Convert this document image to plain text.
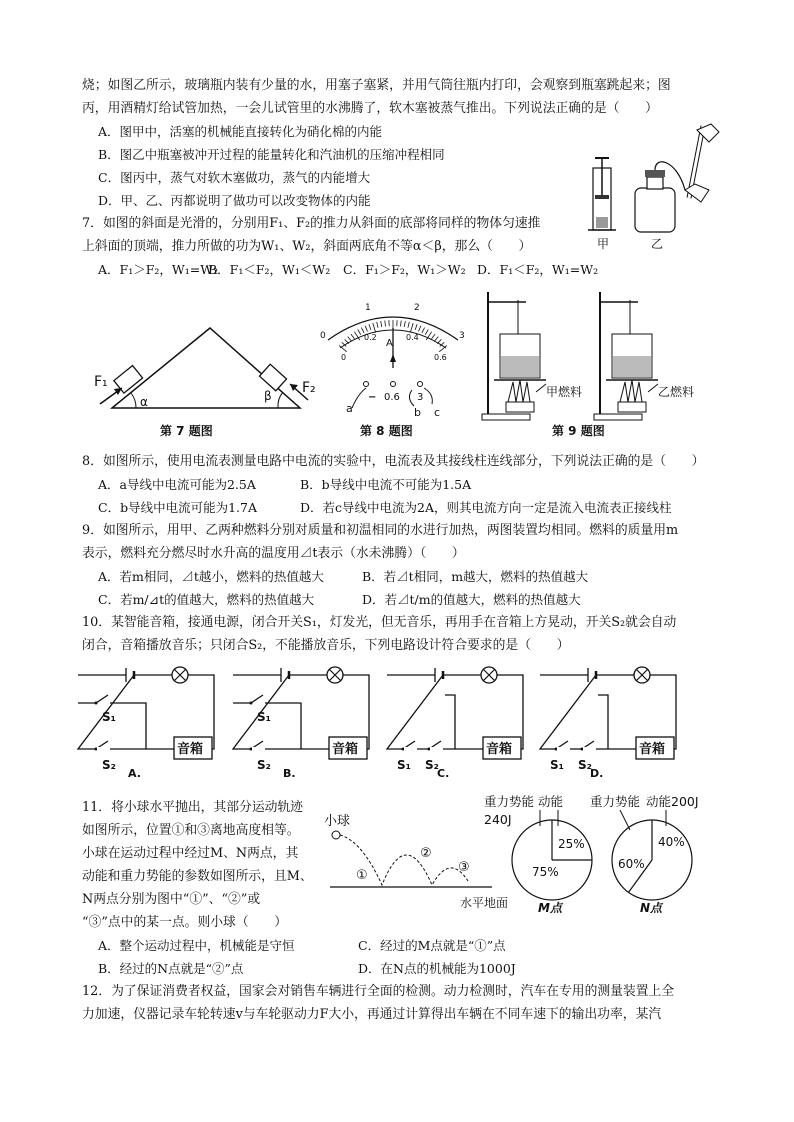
烧；如图乙所示，玻璃瓶内装有少量的水，用塞子塞紧，并用气筒往瓶内打印，会观察到瓶塞跳起来；图
丙，用酒精灯给试管加热，一会儿试管里的水沸腾了，软木塞被蒸气推出。下列说法正确的是（　　）
A．图甲中，活塞的机械能直接转化为硝化棉的内能
B．图乙中瓶塞被冲开过程的能量转化和汽油机的压缩冲程相同
C．图丙中，蒸气对软木塞做功，蒸气的内能增大
D．甲、乙、丙都说明了做功可以改变物体的内能
甲	乙
7．如图的斜面是光滑的，分别用F₁、F₂的推力从斜面的底部将同样的物体匀速推
上斜面的顶端，推力所做的功为W₁、W₂，斜面两底角不等α＜β，那么（　　）
A．F₁＞F₂，W₁=W₂
B．F₁＜F₂，W₁＜W₂ C．F₁＞F₂，W₁＞W₂ D．F₁＜F₂，W₁=W₂
F₁	F₂
α	β
第 7 题图
0
1	2
3
0
0.2	0.4
0.6
A
− 0.6 3
a	b c
第 8 题图
甲燃料	乙燃料
第 9 题图
8．如图所示，使用电流表测量电路中电流的实验中，电流表及其接线柱连线部分，下列说法正确的是（　　）
A．a导线中电流可能为2.5A	B．b导线中电流不可能为1.5A
C．b导线中电流可能为1.7A	D．若c导线中电流为2A，则其电流方向一定是流入电流表正接线柱
9．如图所示，用甲、乙两种燃料分别对质量和初温相同的水进行加热，两图装置均相同。燃料的质量用m
表示，燃料充分燃尽时水升高的温度用⊿t表示（水未沸腾）（　　）
A．若m相同，⊿t越小，燃料的热值越大	B．若⊿t相同，m越大，燃料的热值越大
C．若m/⊿t的值越大，燃料的热值越大	D．若⊿t/m的值越大，燃料的热值越大
10．某智能音箱，接通电源，闭合开关S₁，灯发光，但无音乐，再用手在音箱上方晃动，开关S₂就会自动
闭合，音箱播放音乐；只闭合S₂，不能播放音乐，下列电路设计符合要求的是（　　）
音箱
S₁
S₂
A.
音箱
S₁
S₂
B.
音箱
S₁ S₂
C.
音箱
S₁ S₂
D.
11．将小球水平抛出，其部分运动轨迹
如图所示，位置①和③离地高度相等。
小球在运动过程中经过M、N两点，其
动能和重力势能的参数如图所示，且M、
N两点分别为图中“①”、“②”或
“③”点中的某一点。则小球（　　）
A．整个运动过程中，机械能是守恒	C．经过的M点就是“①”点
B．经过的N点就是“②”点	D．在N点的机械能为1000J
小球
①
②
③
水平地面
重力势能 动能
240J
25%
75%
M点
重力势能 动能200J
40%
60%
N点
12．为了保证消费者权益，国家会对销售车辆进行全面的检测。动力检测时，汽车在专用的测量装置上全
力加速，仪器记录车轮转速v与车轮驱动力F大小，再通过计算得出车辆在不同车速下的输出功率，某汽
